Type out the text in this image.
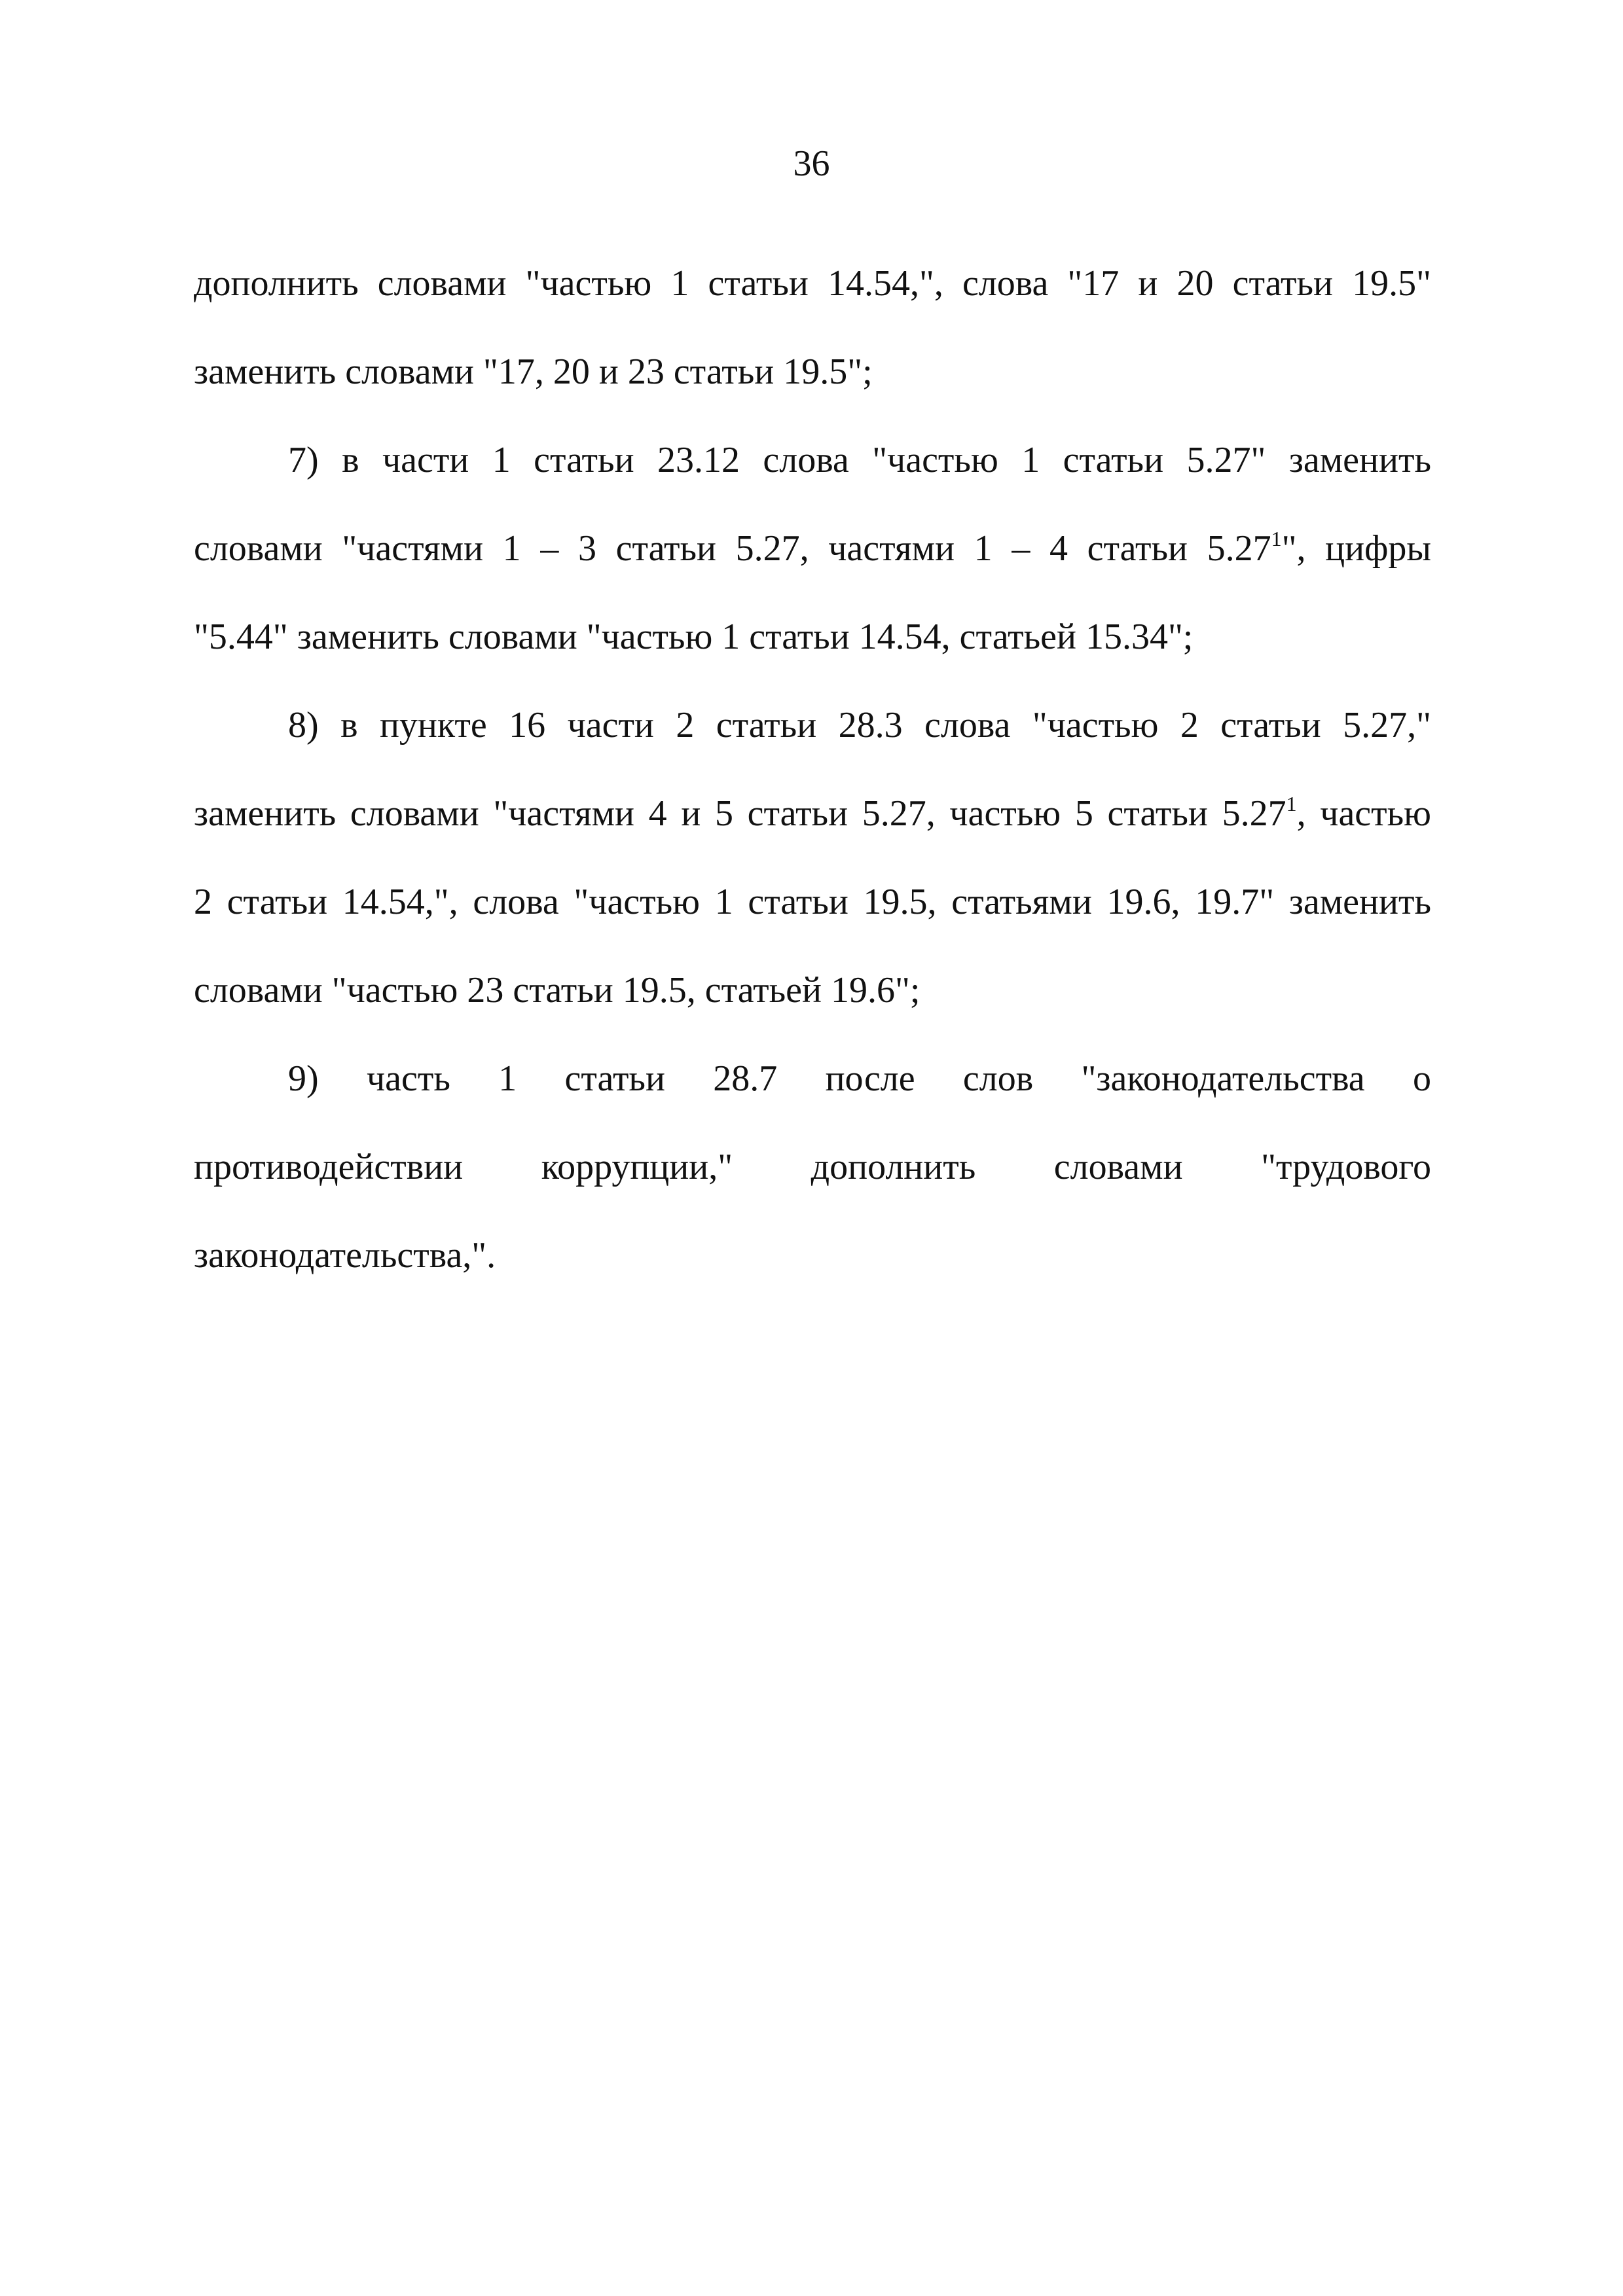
36
дополнить словами "частью 1 статьи 14.54,", слова "17 и 20 статьи 19.5"
заменить словами "17, 20 и 23 статьи 19.5";
7) в части 1 статьи 23.12 слова "частью 1 статьи 5.27" заменить
словами "частями 1 – 3 статьи 5.27, частями 1 – 4 статьи 5.27$^1$", цифры
"5.44" заменить словами "частью 1 статьи 14.54, статьей 15.34";
8) в пункте 16 части 2 статьи 28.3 слова "частью 2 статьи 5.27,"
заменить словами "частями 4 и 5 статьи 5.27, частью 5 статьи 5.27$^1$, частью
2 статьи 14.54,", слова "частью 1 статьи 19.5, статьями 19.6, 19.7" заменить
словами "частью 23 статьи 19.5, статьей 19.6";
9) часть 1 статьи 28.7 после слов "законодательства о
противодействии коррупции," дополнить словами "трудового
законодательства,".
